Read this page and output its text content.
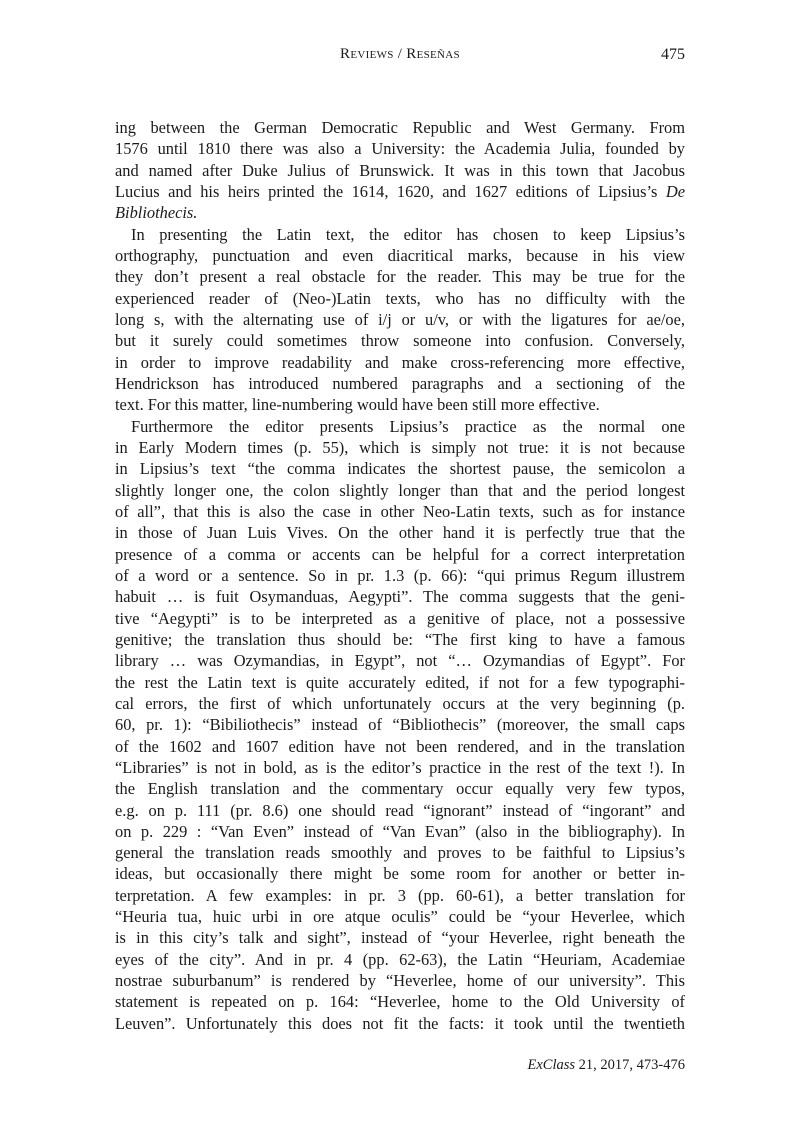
Reviews / Reseñas	475
ing between the German Democratic Republic and West Germany. From
1576 until 1810 there was also a University: the Academia Julia, founded by
and named after Duke Julius of Brunswick. It was in this town that Jacobus
Lucius and his heirs printed the 1614, 1620, and 1627 editions of Lipsius’s De
Bibliothecis.
In presenting the Latin text, the editor has chosen to keep Lipsius’s
orthography, punctuation and even diacritical marks, because in his view
they don’t present a real obstacle for the reader. This may be true for the
experienced reader of (Neo-)Latin texts, who has no difficulty with the
long s, with the alternating use of i/j or u/v, or with the ligatures for ae/oe,
but it surely could sometimes throw someone into confusion. Conversely,
in order to improve readability and make cross-referencing more effective,
Hendrickson has introduced numbered paragraphs and a sectioning of the
text. For this matter, line-numbering would have been still more effective.
Furthermore the editor presents Lipsius’s practice as the normal one
in Early Modern times (p. 55), which is simply not true: it is not because
in Lipsius’s text “the comma indicates the shortest pause, the semicolon a
slightly longer one, the colon slightly longer than that and the period longest
of all”, that this is also the case in other Neo-Latin texts, such as for instance
in those of Juan Luis Vives. On the other hand it is perfectly true that the
presence of a comma or accents can be helpful for a correct interpretation
of a word or a sentence. So in pr. 1.3 (p. 66): “qui primus Regum illustrem
habuit … is fuit Osymanduas, Aegypti”. The comma suggests that the geni-
tive “Aegypti” is to be interpreted as a genitive of place, not a possessive
genitive; the translation thus should be: “The first king to have a famous
library … was Ozymandias, in Egypt”, not “… Ozymandias of Egypt”. For
the rest the Latin text is quite accurately edited, if not for a few typographi-
cal errors, the first of which unfortunately occurs at the very beginning (p.
60, pr. 1): “Bibiliothecis” instead of “Bibliothecis” (moreover, the small caps
of the 1602 and 1607 edition have not been rendered, and in the translation
“Libraries” is not in bold, as is the editor’s practice in the rest of the text !). In
the English translation and the commentary occur equally very few typos,
e.g. on p. 111 (pr. 8.6) one should read “ignorant” instead of “ingorant” and
on p. 229 : “Van Even” instead of “Van Evan” (also in the bibliography). In
general the translation reads smoothly and proves to be faithful to Lipsius’s
ideas, but occasionally there might be some room for another or better in-
terpretation. A few examples: in pr. 3 (pp. 60-61), a better translation for
“Heuria tua, huic urbi in ore atque oculis” could be “your Heverlee, which
is in this city’s talk and sight”, instead of “your Heverlee, right beneath the
eyes of the city”. And in pr. 4 (pp. 62-63), the Latin “Heuriam, Academiae
nostrae suburbanum” is rendered by “Heverlee, home of our university”. This
statement is repeated on p. 164: “Heverlee, home to the Old University of
Leuven”. Unfortunately this does not fit the facts: it took until the twentieth
ExClass 21, 2017, 473-476
